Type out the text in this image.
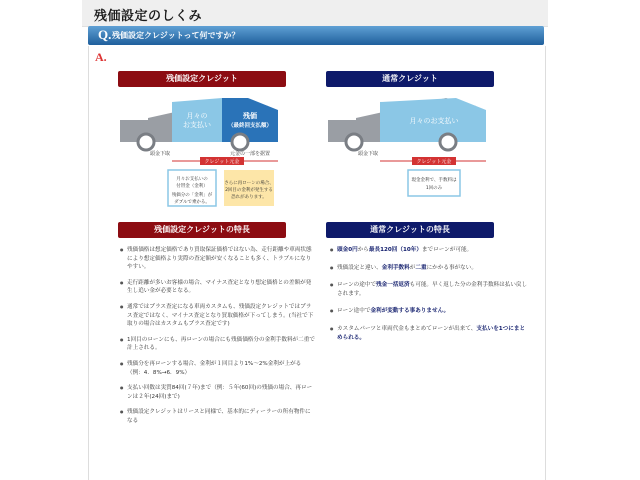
残価設定のしくみ
Q. 残価設定クレジットって何ですか？
A.
残価設定クレジット	通常クレジット
月々の
お支払い
残価
（最終回支払額）
頭金下取	元金の一部を据置
クレジット元金
月々お支払いの
付帯金（金利）
残価分の「金利」が
ダブルで乗かる。
さらに再ローンの場合、
2回目の金利が発生する
恐れがあります。
月々のお支払い
頭金下取
クレジット元金
現金金利で、手数料は
1回のみ
残価設定クレジットの特長	通常クレジットの特長
● 残価価格は想定価格であり買取保証価格ではない為、走行距離や車両状態により想定価格より実際の査定額が安くなることも多く、トラブルになりやすい。
● 走行距離が多いお客様の場合、マイナス査定となり想定価格との差額が発生し追い金が必要となる。
● 通常ではプラス査定になる車両カスタムも、残価設定クレジットではプラス査定ではなく、マイナス査定となり買取価格が下ってしまう。(当社で下取りの場合はカスタムもプラス査定です)
● 1回目のローンにも、再ローンの場合にも残価価格分の金利手数料が二重で計上される。
● 残価分を再ローンする場合、金利が１回目より1%～2%金利が上がる（例：4．8%→6．9%）
● 支払い回数は実質84回(７年)まで（例：５年(60回)の残価の場合、再ローンは２年(24回)まで)
● 残価設定クレジットはリースと同様で、基本的にディーラーの所有物件になる
● 頭金0円から最長120回（10年）までローンが可能。
● 残価設定と違い、金利手数料が二重にかかる事がない。
● ローンの途中で残金一括返済も可能。早く返した分の金利手数料は払い戻しされます。
● ローン途中で金利が変動する事ありません。
● カスタムパーツと車両代金もまとめてローンが出来て、支払いを1つにまとめられる。
